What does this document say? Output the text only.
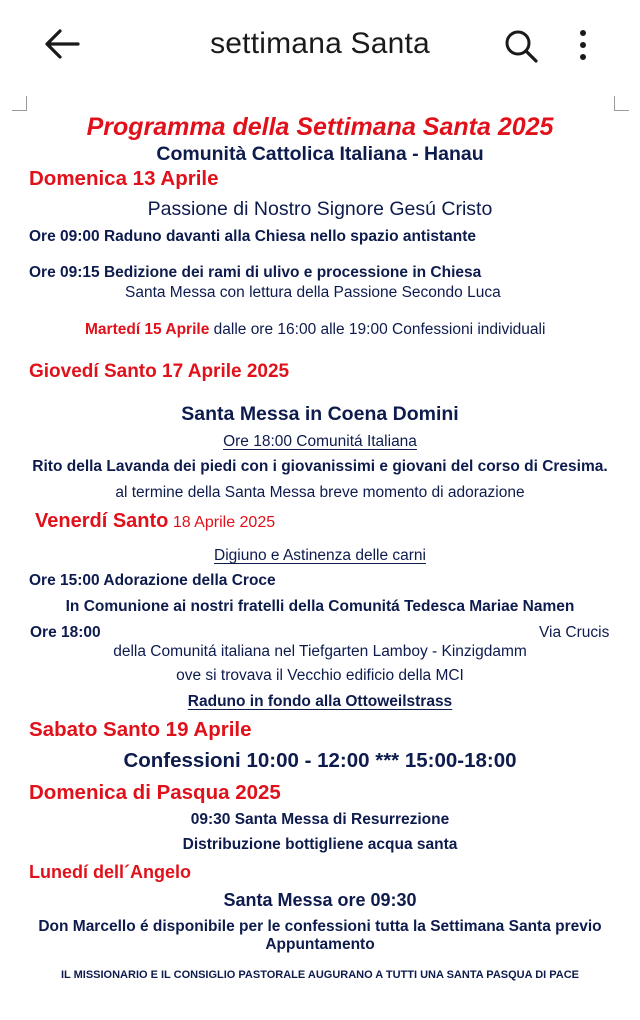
settimana Santa
Programma della Settimana Santa 2025
Comunità Cattolica Italiana - Hanau
Domenica 13 Aprile
Passione di Nostro Signore Gesú Cristo
Ore 09:00 Raduno davanti alla Chiesa nello spazio antistante
Ore 09:15 Bedizione dei rami di ulivo e processione in Chiesa
Santa Messa con lettura della Passione Secondo Luca
Martedí 15 Aprile dalle ore 16:00 alle 19:00 Confessioni individuali
Giovedí Santo 17 Aprile 2025
Santa Messa in Coena Domini
Ore 18:00 Comunitá Italiana
Rito della Lavanda dei piedi con i giovanissimi e giovani del corso di Cresima.
al termine della Santa Messa breve momento di adorazione
Venerdí Santo 18 Aprile 2025
Digiuno e Astinenza delle carni
Ore 15:00 Adorazione della Croce
In Comunione ai nostri fratelli della Comunitá Tedesca Mariae Namen
Ore 18:00	Via Crucis
della Comunitá italiana nel Tiefgarten Lamboy - Kinzigdamm
ove si trovava il Vecchio edificio della MCI
Raduno in fondo alla Ottoweilstrass
Sabato Santo 19 Aprile
Confessioni 10:00 - 12:00 *** 15:00-18:00
Domenica di Pasqua 2025
09:30 Santa Messa di Resurrezione
Distribuzione bottigliene acqua santa
Lunedí dell´Angelo
Santa Messa ore 09:30
Don Marcello é disponibile per le confessioni tutta la Settimana Santa previo
Appuntamento
IL MISSIONARIO E IL CONSIGLIO PASTORALE AUGURANO A TUTTI UNA SANTA PASQUA DI PACE
